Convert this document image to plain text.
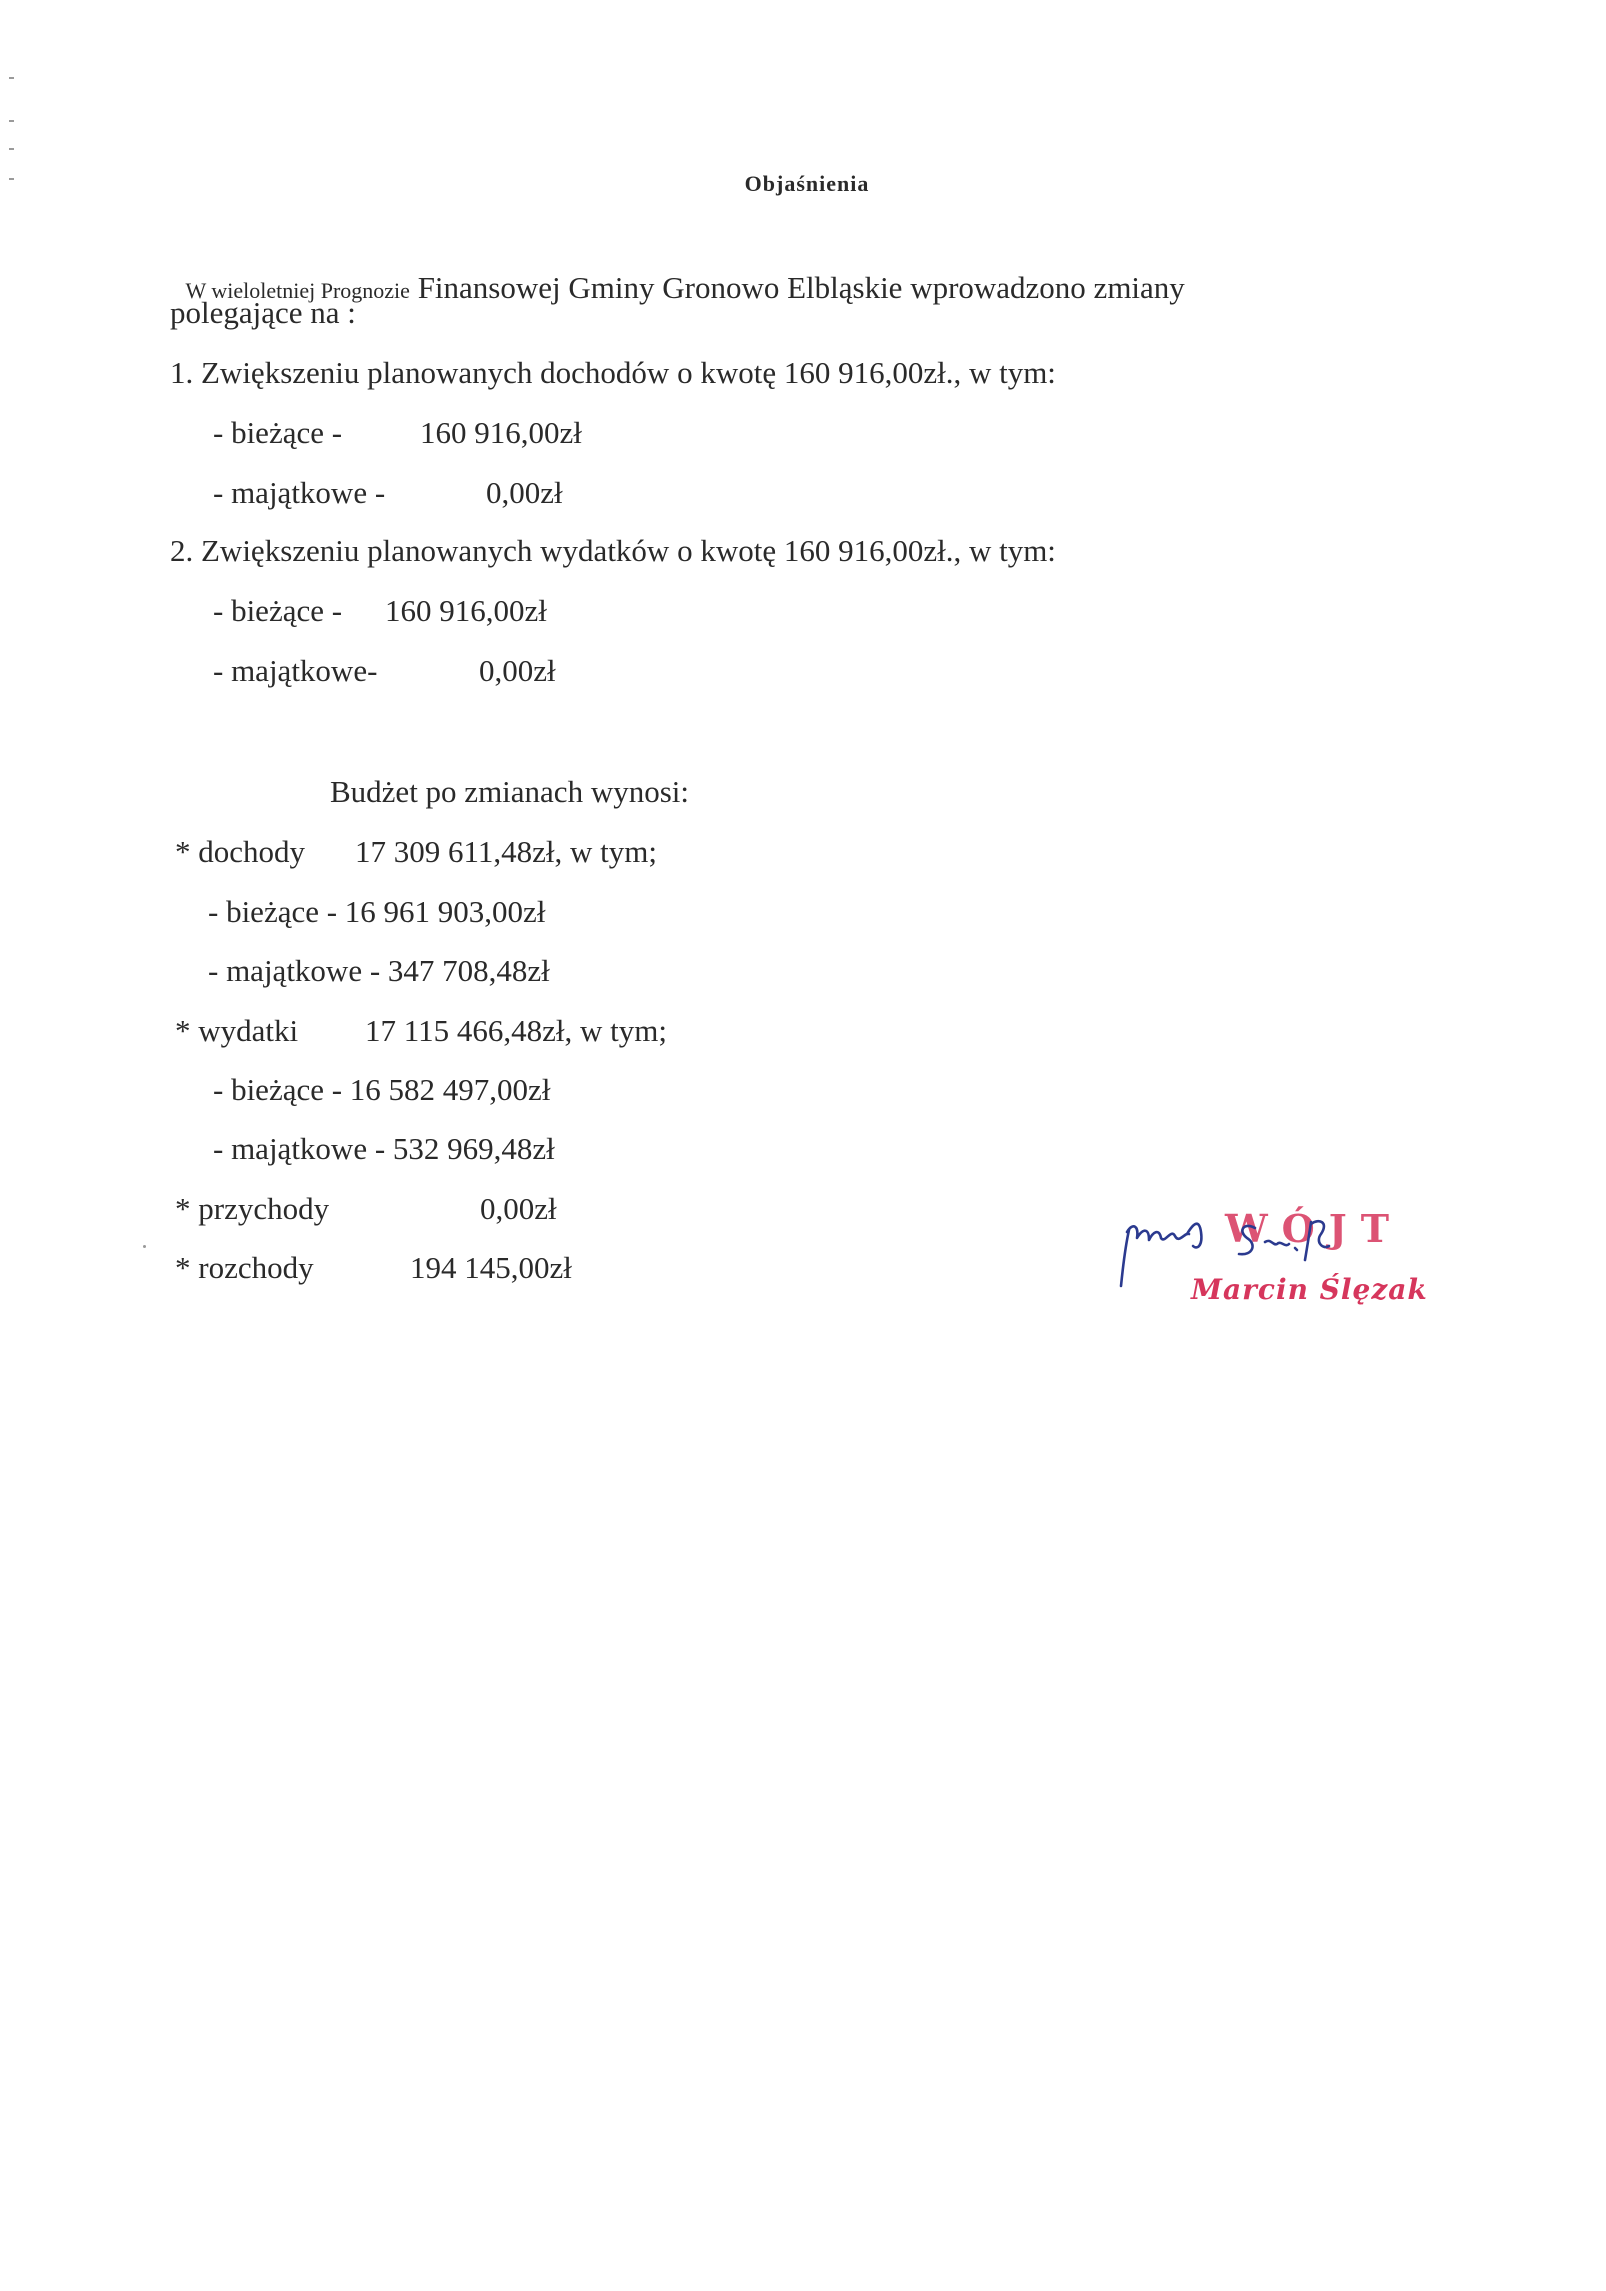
Objaśnienia

W wieloletniej Prognozie Finansowej Gminy Gronowo Elbląskie wprowadzono zmiany

polegające na :
1. Zwiększeniu planowanych dochodów o kwotę 160 916,00zł., w tym:
- bieżące -	160 916,00zł
- majątkowe -	0,00zł
2. Zwiększeniu planowanych wydatków o kwotę 160 916,00zł., w tym:
- bieżące - 160 916,00zł
- majątkowe-	0,00zł
Budżet po zmianach wynosi:
* dochody 17 309 611,48zł, w tym;
- bieżące - 16 961 903,00zł
- majątkowe - 347 708,48zł
* wydatki 17 115 466,48zł, w tym;
- bieżące - 16 582 497,00zł
- majątkowe - 532 969,48zł
* przychody	0,00zł
* rozchody	194 145,00zł
WÓJT
Marcin Ślęzak
